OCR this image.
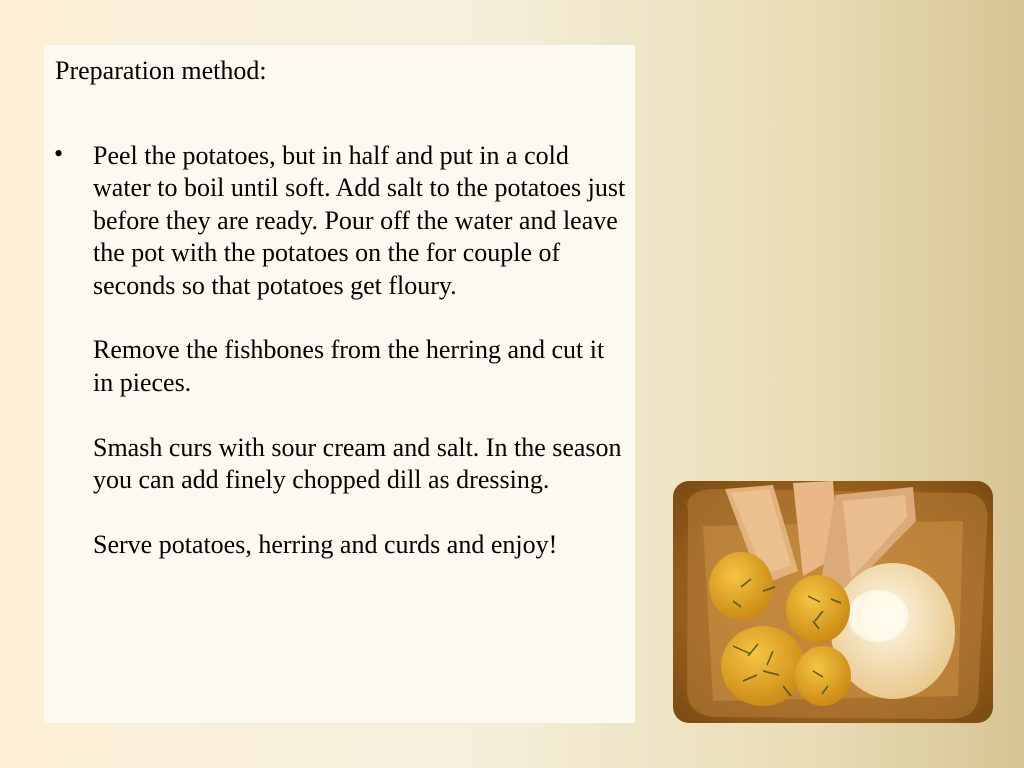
Preparation method:
• Peel the potatoes, but in half and put in a cold water to boil until soft. Add salt to the potatoes just before they are ready. Pour off the water and leave the pot with the potatoes on the for couple of seconds so that potatoes get floury.

Remove the fishbones from the herring and cut it in pieces.

Smash curs with sour cream and salt. In the season you can add finely chopped dill as dressing.

Serve potatoes, herring and curds and enjoy!
